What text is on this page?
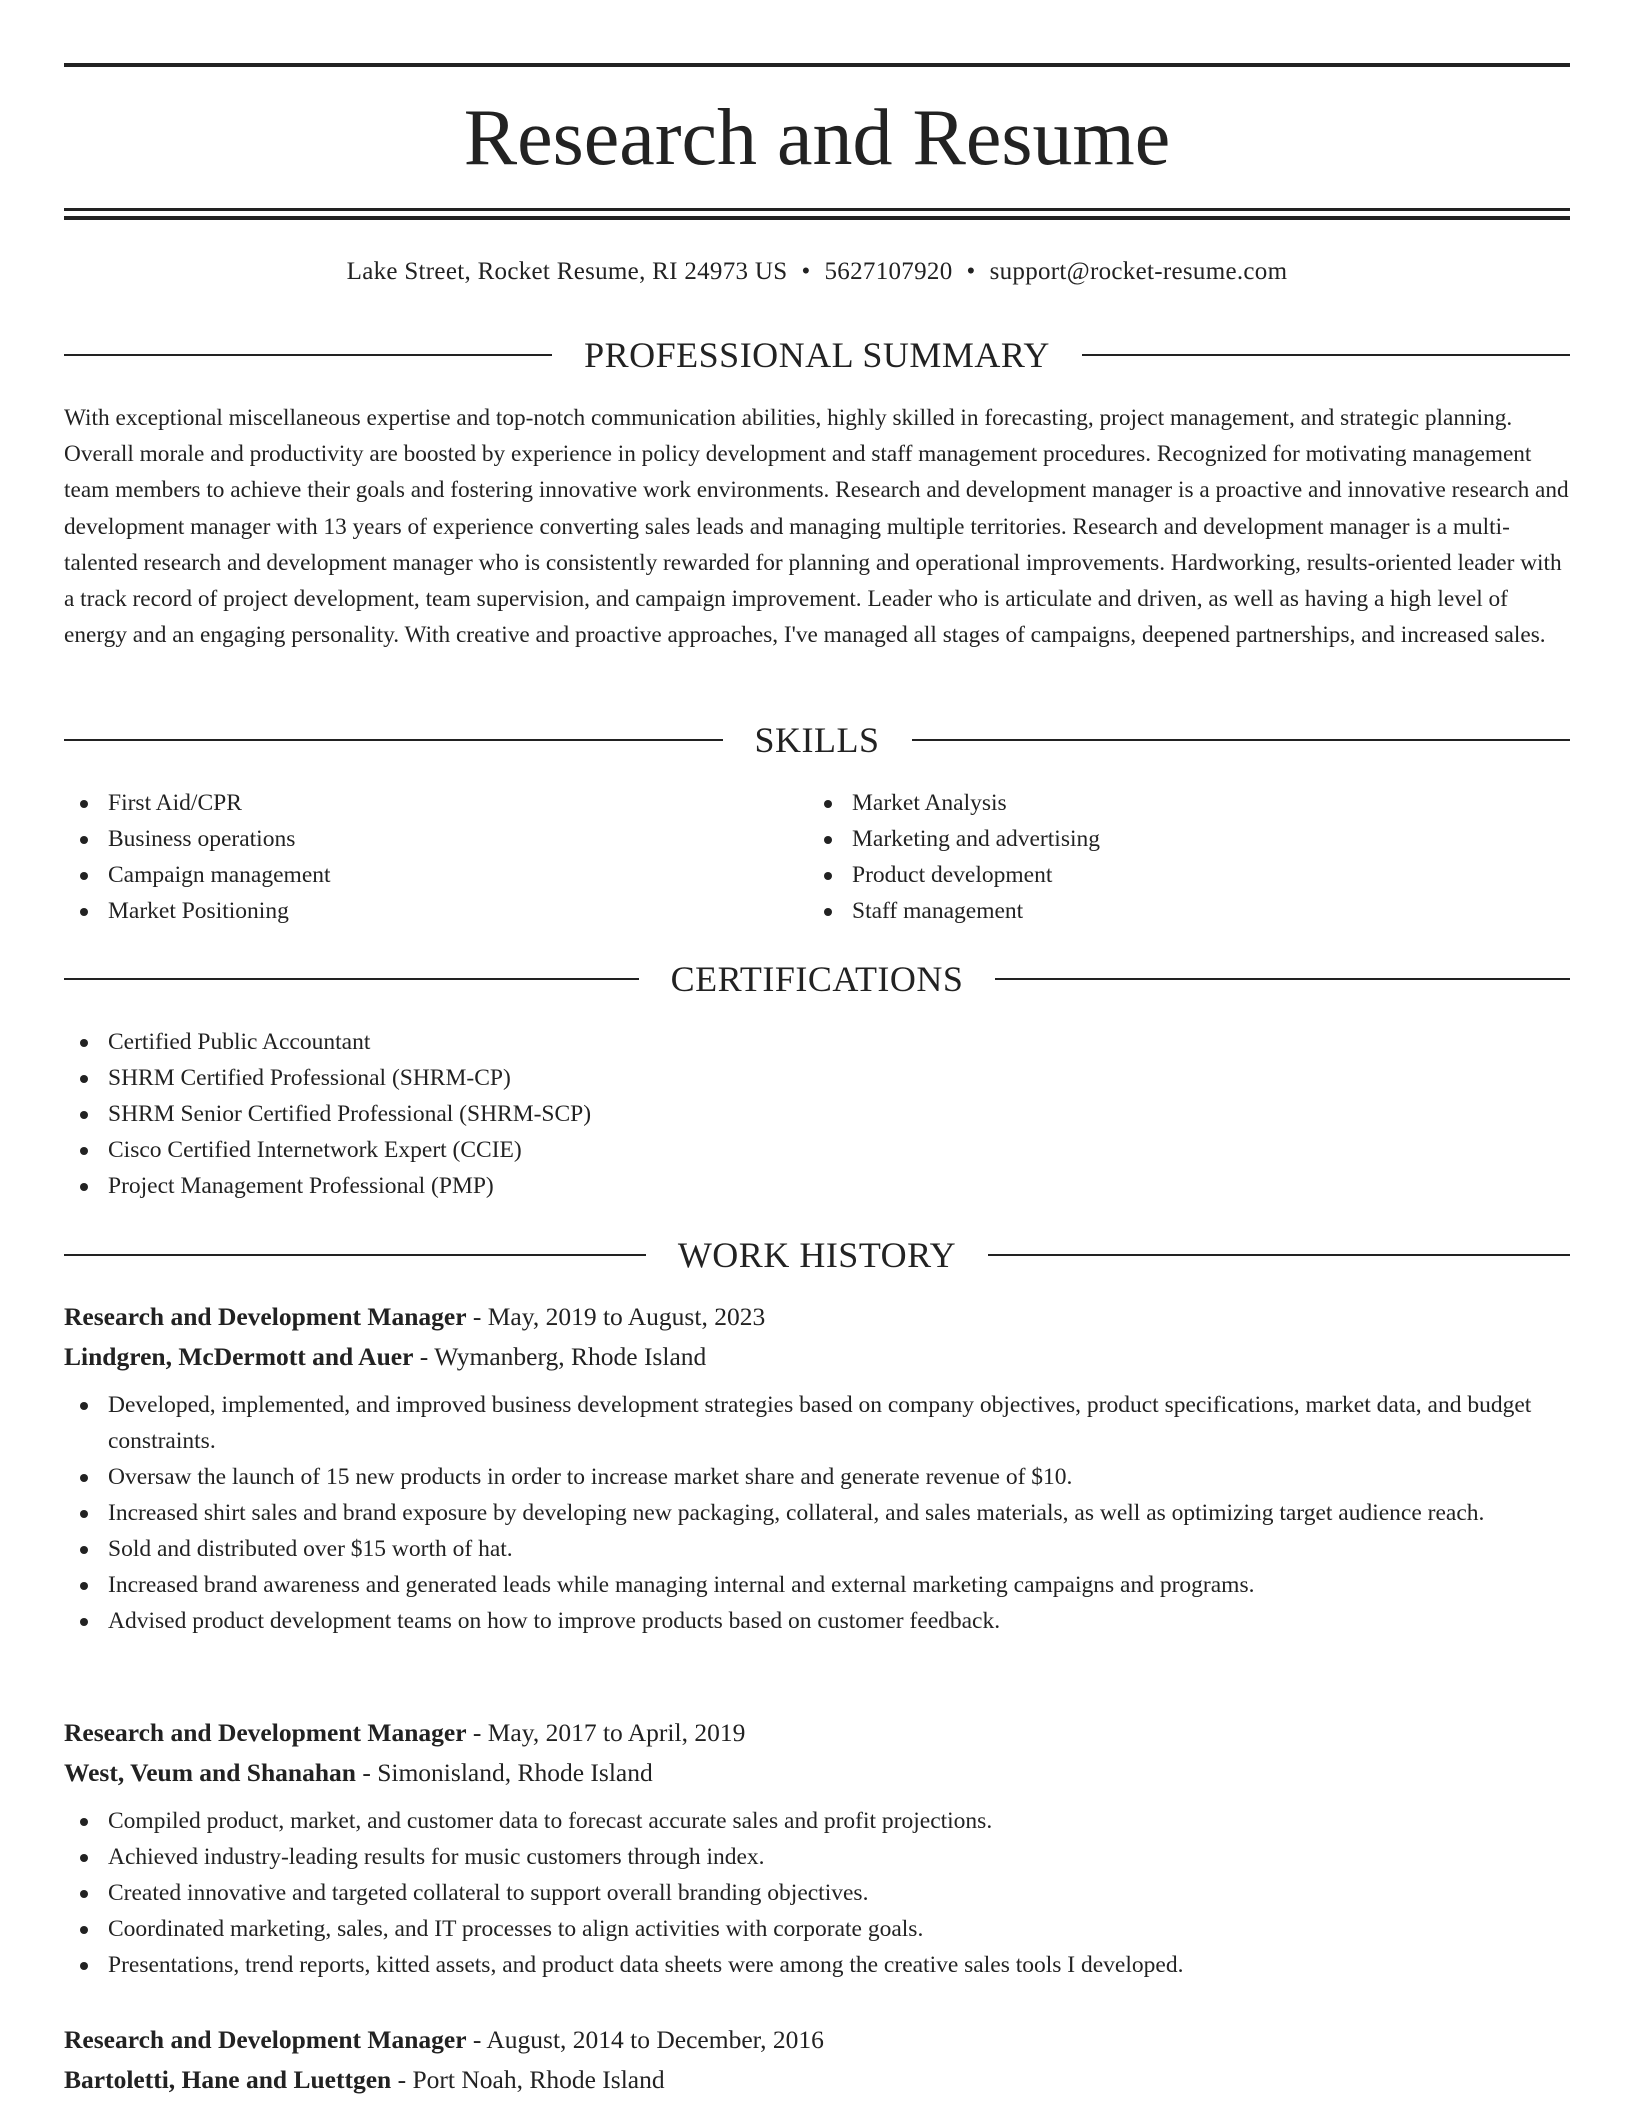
Research and Resume
Lake Street, Rocket Resume, RI 24973 US • 5627107920 • support@rocket-resume.com
PROFESSIONAL SUMMARY

With exceptional miscellaneous expertise and top-notch communication abilities, highly skilled in forecasting, project management, and strategic planning. Overall morale and productivity are boosted by experience in policy development and staff management procedures. Recognized for motivating management team members to achieve their goals and fostering innovative work environments. Research and development manager is a proactive and innovative research and development manager with 13 years of experience converting sales leads and managing multiple territories. Research and development manager is a multi-talented research and development manager who is consistently rewarded for planning and operational improvements. Hardworking, results-oriented leader with a track record of project development, team supervision, and campaign improvement. Leader who is articulate and driven, as well as having a high level of energy and an engaging personality. With creative and proactive approaches, I've managed all stages of campaigns, deepened partnerships, and increased sales.

SKILLS
First Aid/CPR
Business operations
Campaign management
Market Positioning
Market Analysis
Marketing and advertising
Product development
Staff management
CERTIFICATIONS
Certified Public Accountant
SHRM Certified Professional (SHRM-CP)
SHRM Senior Certified Professional (SHRM-SCP)
Cisco Certified Internetwork Expert (CCIE)
Project Management Professional (PMP)
WORK HISTORY
Research and Development Manager - May, 2019 to August, 2023
Lindgren, McDermott and Auer - Wymanberg, Rhode Island
Developed, implemented, and improved business development strategies based on company objectives, product specifications, market data, and budget constraints.
Oversaw the launch of 15 new products in order to increase market share and generate revenue of $10.
Increased shirt sales and brand exposure by developing new packaging, collateral, and sales materials, as well as optimizing target audience reach.
Sold and distributed over $15 worth of hat.
Increased brand awareness and generated leads while managing internal and external marketing campaigns and programs.
Advised product development teams on how to improve products based on customer feedback.
Research and Development Manager - May, 2017 to April, 2019
West, Veum and Shanahan - Simonisland, Rhode Island
Compiled product, market, and customer data to forecast accurate sales and profit projections.
Achieved industry-leading results for music customers through index.
Created innovative and targeted collateral to support overall branding objectives.
Coordinated marketing, sales, and IT processes to align activities with corporate goals.
Presentations, trend reports, kitted assets, and product data sheets were among the creative sales tools I developed.
Research and Development Manager - August, 2014 to December, 2016
Bartoletti, Hane and Luettgen - Port Noah, Rhode Island
